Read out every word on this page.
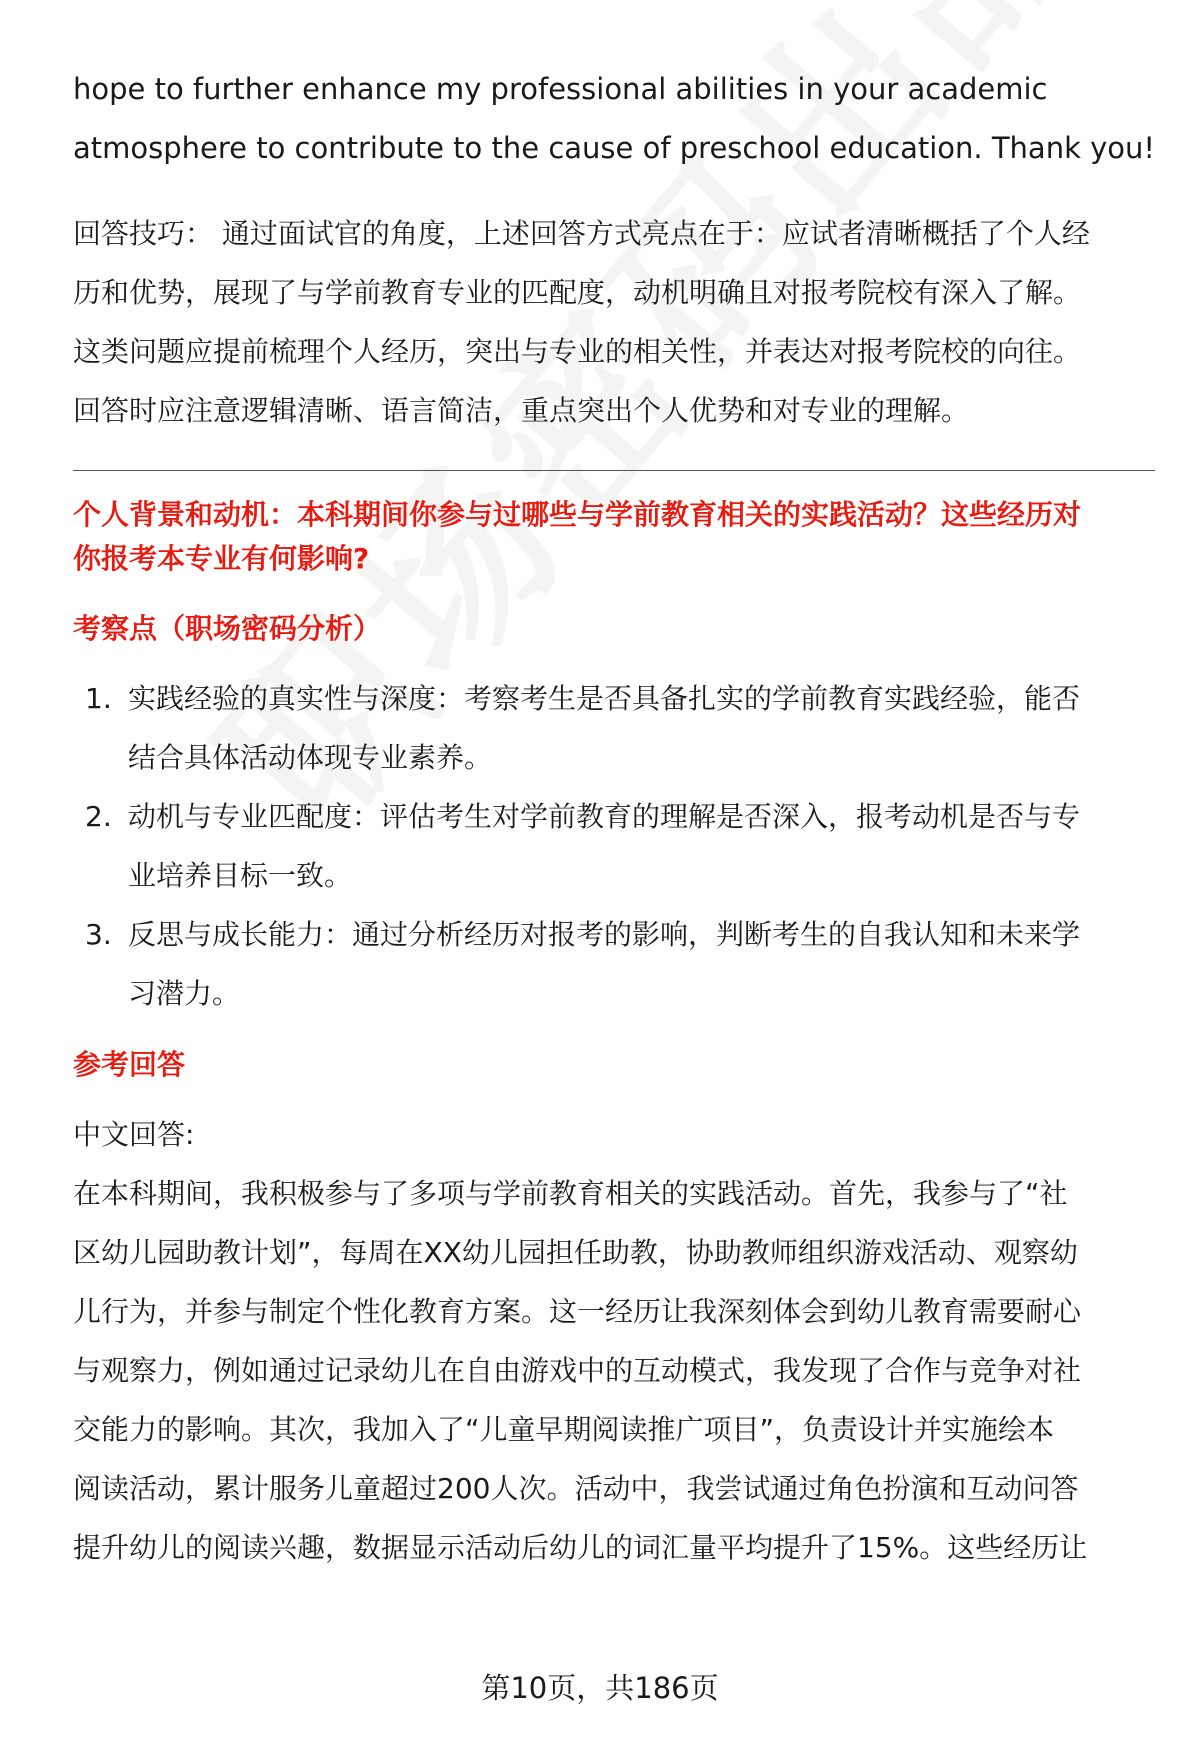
hope to further enhance my professional abilities in your academic
atmosphere to contribute to the cause of preschool education. Thank you!

回答技巧： 通过面试官的角度，上述回答方式亮点在于：应试者清晰概括了个人经
历和优势，展现了与学前教育专业的匹配度，动机明确且对报考院校有深入了解。
这类问题应提前梳理个人经历，突出与专业的相关性，并表达对报考院校的向往。
回答时应注意逻辑清晰、语言简洁，重点突出个人优势和对专业的理解。

个人背景和动机：本科期间你参与过哪些与学前教育相关的实践活动？这些经历对
你报考本专业有何影响?

考察点（职场密码分析）

1. 实践经验的真实性与深度：考察考生是否具备扎实的学前教育实践经验，能否
结合具体活动体现专业素养。
2. 动机与专业匹配度：评估考生对学前教育的理解是否深入，报考动机是否与专
业培养目标一致。
3. 反思与成长能力：通过分析经历对报考的影响，判断考生的自我认知和未来学
习潜力。

参考回答

中文回答:

在本科期间，我积极参与了多项与学前教育相关的实践活动。首先，我参与了“社
区幼儿园助教计划”，每周在XX幼儿园担任助教，协助教师组织游戏活动、观察幼
儿行为，并参与制定个性化教育方案。这一经历让我深刻体会到幼儿教育需要耐心
与观察力，例如通过记录幼儿在自由游戏中的互动模式，我发现了合作与竞争对社
交能力的影响。其次，我加入了“儿童早期阅读推广项目”，负责设计并实施绘本
阅读活动，累计服务儿童超过200人次。活动中，我尝试通过角色扮演和互动问答
提升幼儿的阅读兴趣，数据显示活动后幼儿的词汇量平均提升了15%。这些经历让

第10页，共186页
